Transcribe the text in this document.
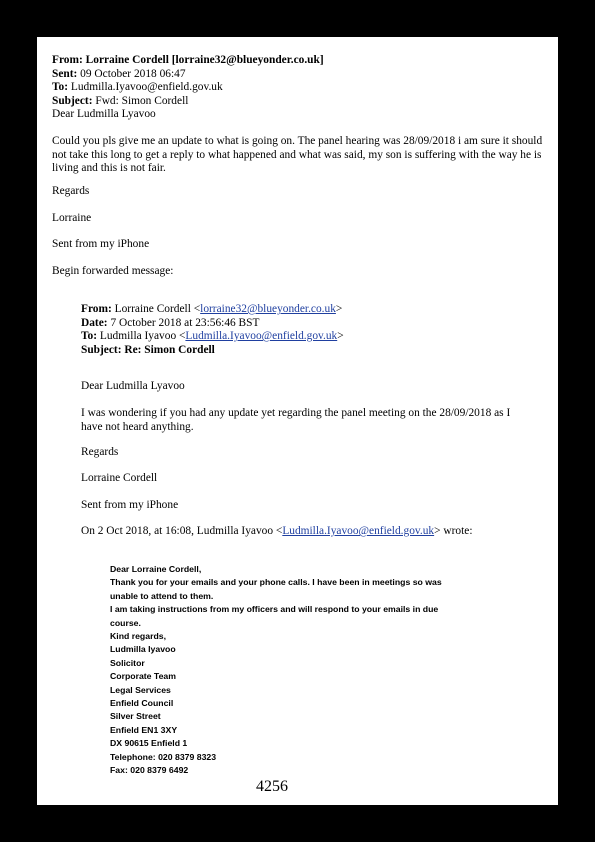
From: Lorraine Cordell [lorraine32@blueyonder.co.uk]
Sent: 09 October 2018 06:47
To: Ludmilla.Iyavoo@enfield.gov.uk
Subject: Fwd: Simon Cordell
Dear Ludmilla Lyavoo
Could you pls give me an update to what is going on. The panel hearing was 28/09/2018 i am sure it should not take this long to get a reply to what happened and what was said, my son is suffering with the way he is living and this is not fair.
Regards
Lorraine
Sent from my iPhone
Begin forwarded message:
From: Lorraine Cordell <lorraine32@blueyonder.co.uk>
Date: 7 October 2018 at 23:56:46 BST
To: Ludmilla Iyavoo <Ludmilla.Iyavoo@enfield.gov.uk>
Subject: Re: Simon Cordell
Dear Ludmilla Lyavoo
I was wondering if you had any update yet regarding the panel meeting on the 28/09/2018 as I have not heard anything.
Regards
Lorraine Cordell
Sent from my iPhone
On 2 Oct 2018, at 16:08, Ludmilla Iyavoo <Ludmilla.Iyavoo@enfield.gov.uk> wrote:
Dear Lorraine Cordell,
Thank you for your emails and your phone calls. I have been in meetings so was
unable to attend to them.
I am taking instructions from my officers and will respond to your emails in due
course.
Kind regards,
Ludmilla Iyavoo
Solicitor
Corporate Team
Legal Services
Enfield Council
Silver Street
Enfield EN1 3XY
DX 90615 Enfield 1
Telephone: 020 8379 8323
Fax: 020 8379 6492
4256
